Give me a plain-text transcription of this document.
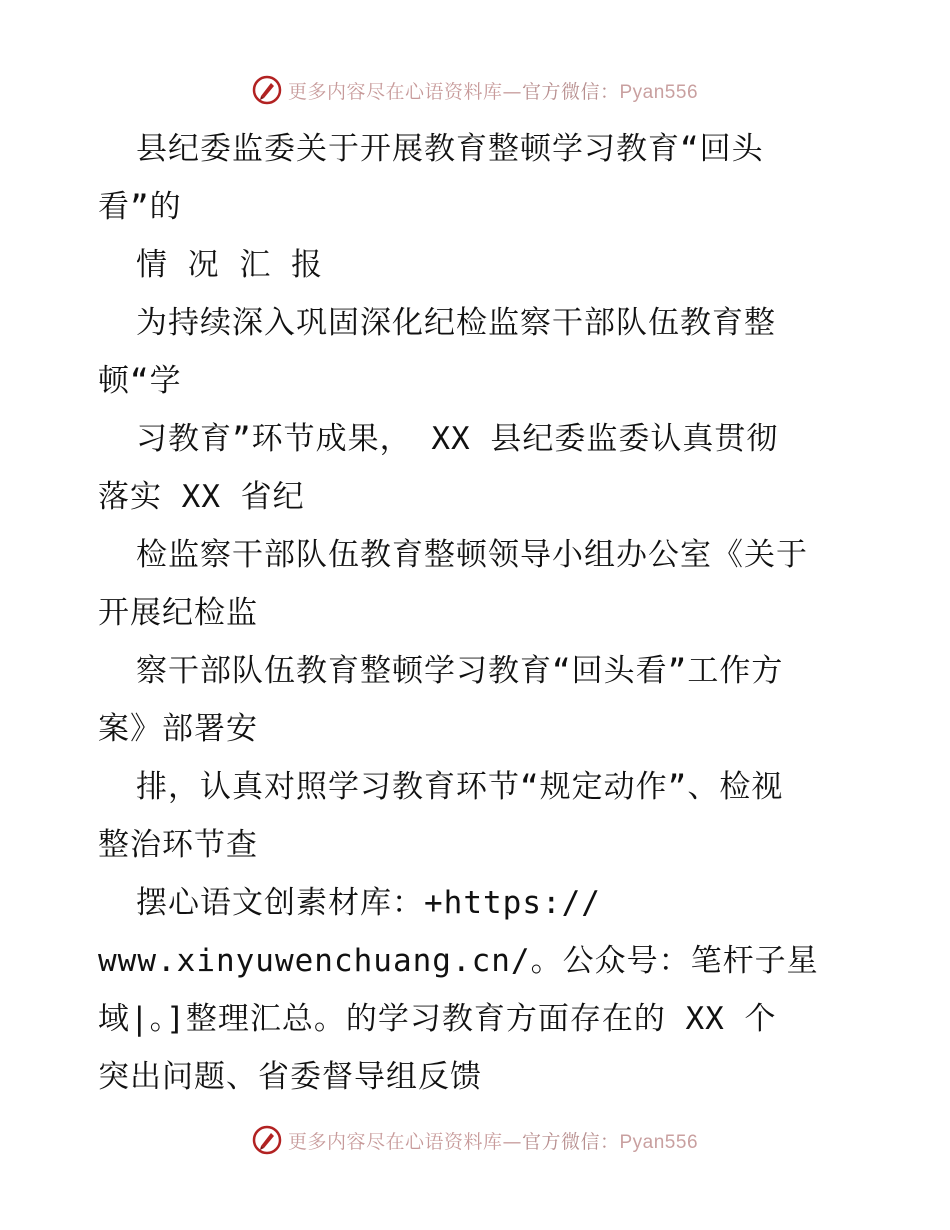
更多内容尽在心语资料库—官方微信：Pyan556
县纪委监委关于开展教育整顿学习教育“回头
看”的
情 况 汇 报
为持续深入巩固深化纪检监察干部队伍教育整
顿“学
习教育”环节成果， XX 县纪委监委认真贯彻
落实 XX 省纪
检监察干部队伍教育整顿领导小组办公室《关于
开展纪检监
察干部队伍教育整顿学习教育“回头看”工作方
案》部署安
排，认真对照学习教育环节“规定动作”、检视
整治环节查
摆心语文创素材库：+https://
www.xinyuwenchuang.cn/。公众号：笔杆子星
域|。]整理汇总。的学习教育方面存在的 XX 个
突出问题、省委督导组反馈
更多内容尽在心语资料库—官方微信：Pyan556
